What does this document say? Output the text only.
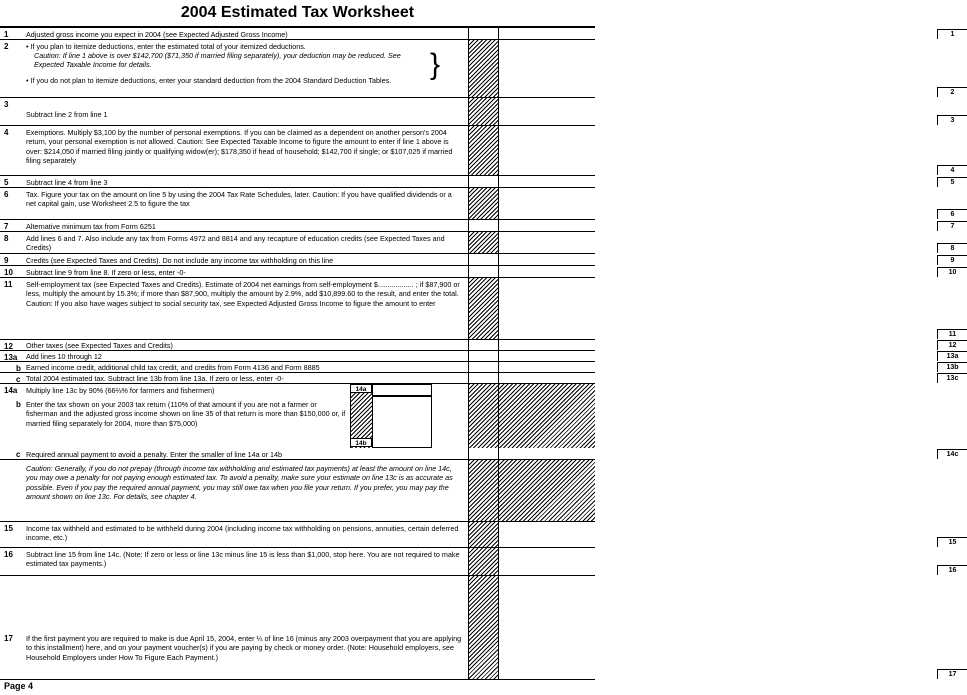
2004 Estimated Tax Worksheet
1 Adjusted gross income you expect in 2004 (see Expected Adjusted Gross Income)	1
2 • If you plan to itemize deductions, enter the estimated total of your itemized deductions.
Caution: If line 1 above is over $142,700 ($71,350 if married filing separately), your deduction may be reduced. See Expected Taxable Income for details.
• If you do not plan to itemize deductions, enter your standard deduction from the 2004 Standard Deduction Tables.	}
2
3
Subtract line 2 from line 1
3
4 Exemptions. Multiply $3,100 by the number of personal exemptions. If you can be claimed as a dependent on another person's 2004 return, your personal exemption is not allowed. Caution: See Expected Taxable Income to figure the amount to enter if line 1 above is over: $214,050 if married filing jointly or qualifying widow(er); $178,350 if head of household; $142,700 if single; or $107,025 if married filing separately
4
5 Subtract line 4 from line 3	5
6 Tax. Figure your tax on the amount on line 5 by using the 2004 Tax Rate Schedules, later. Caution: If you have qualified dividends or a net capital gain, use Worksheet 2.5 to figure the tax
6
7 Alternative minimum tax from Form 6251	7
8 Add lines 6 and 7. Also include any tax from Forms 4972 and 8814 and any recapture of education credits (see Expected Taxes and Credits)	8
9 Credits (see Expected Taxes and Credits). Do not include any income tax withholding on this line	9
10 Subtract line 9 from line 8. If zero or less, enter -0-	10
11 Self-employment tax (see Expected Taxes and Credits). Estimate of 2004 net earnings from self-employment $.................. ; if $87,900 or less, multiply the amount by 15.3%; if more than $87,900, multiply the amount by 2.9%, add $10,899.60 to the result, and enter the total. Caution: If you also have wages subject to social security tax, see Expected Adjusted Gross Income to figure the amount to enter
11
12 Other taxes (see Expected Taxes and Credits)	12
13a Add lines 10 through 12	13a
b Earned income credit, additional child tax credit, and credits from Form 4136 and Form 8885	13b
c Total 2004 estimated tax. Subtract line 13b from line 13a. If zero or less, enter -0-	13c
14a Multiply line 13c by 90% (66⅔% for farmers and fishermen)
b Enter the tax shown on your 2003 tax return (110% of that amount if you are not a farmer or fisherman and the adjusted gross income shown on line 35 of that return is more than $150,000 or, if married filing separately for 2004, more than $75,000)
14a
14b
c Required annual payment to avoid a penalty. Enter the smaller of line 14a or 14b	14c
Caution: Generally, if you do not prepay (through income tax withholding and estimated tax payments) at least the amount on line 14c, you may owe a penalty for not paying enough estimated tax. To avoid a penalty, make sure your estimate on line 13c is as accurate as possible. Even if you pay the required annual payment, you may still owe tax when you file your return. If you prefer, you may pay the amount shown on line 13c. For details, see chapter 4.
15 Income tax withheld and estimated to be withheld during 2004 (including income tax withholding on pensions, annuities, certain deferred income, etc.)
15
16 Subtract line 15 from line 14c. (Note: If zero or less or line 13c minus line 15 is less than $1,000, stop here. You are not required to make estimated tax payments.)
16
17 If the first payment you are required to make is due April 15, 2004, enter ¼ of line 16 (minus any 2003 overpayment that you are applying to this installment) here, and on your payment voucher(s) if you are paying by check or money order. (Note: Household employers, see Household Employers under How To Figure Each Payment.)
17
Page 4
